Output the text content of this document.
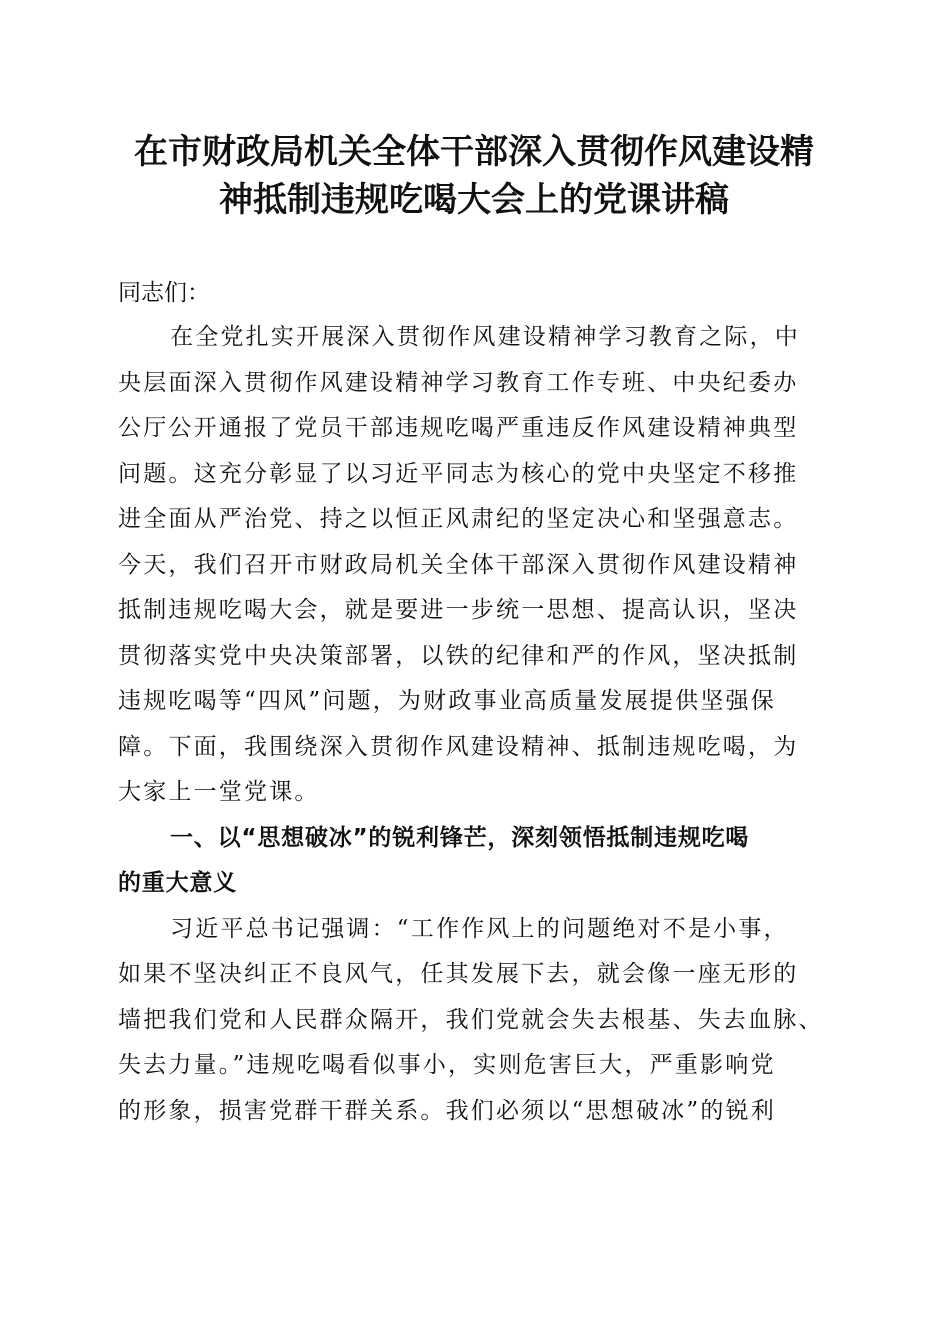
在市财政局机关全体干部深入贯彻作风建设精
神抵制违规吃喝大会上的党课讲稿

同志们：

在全党扎实开展深入贯彻作风建设精神学习教育之际，中
央层面深入贯彻作风建设精神学习教育工作专班、中央纪委办
公厅公开通报了党员干部违规吃喝严重违反作风建设精神典型
问题。这充分彰显了以习近平同志为核心的党中央坚定不移推
进全面从严治党、持之以恒正风肃纪的坚定决心和坚强意志。
今天，我们召开市财政局机关全体干部深入贯彻作风建设精神
抵制违规吃喝大会，就是要进一步统一思想、提高认识，坚决
贯彻落实党中央决策部署，以铁的纪律和严的作风，坚决抵制
违规吃喝等“四风”问题，为财政事业高质量发展提供坚强保
障。下面，我围绕深入贯彻作风建设精神、抵制违规吃喝，为
大家上一堂党课。
一、以“思想破冰”的锐利锋芒，深刻领悟抵制违规吃喝
的重大意义
习近平总书记强调：“工作作风上的问题绝对不是小事，
如果不坚决纠正不良风气，任其发展下去，就会像一座无形的
墙把我们党和人民群众隔开，我们党就会失去根基、失去血脉、
失去力量。”违规吃喝看似事小，实则危害巨大，严重影响党
的形象，损害党群干群关系。我们必须以“思想破冰”的锐利
